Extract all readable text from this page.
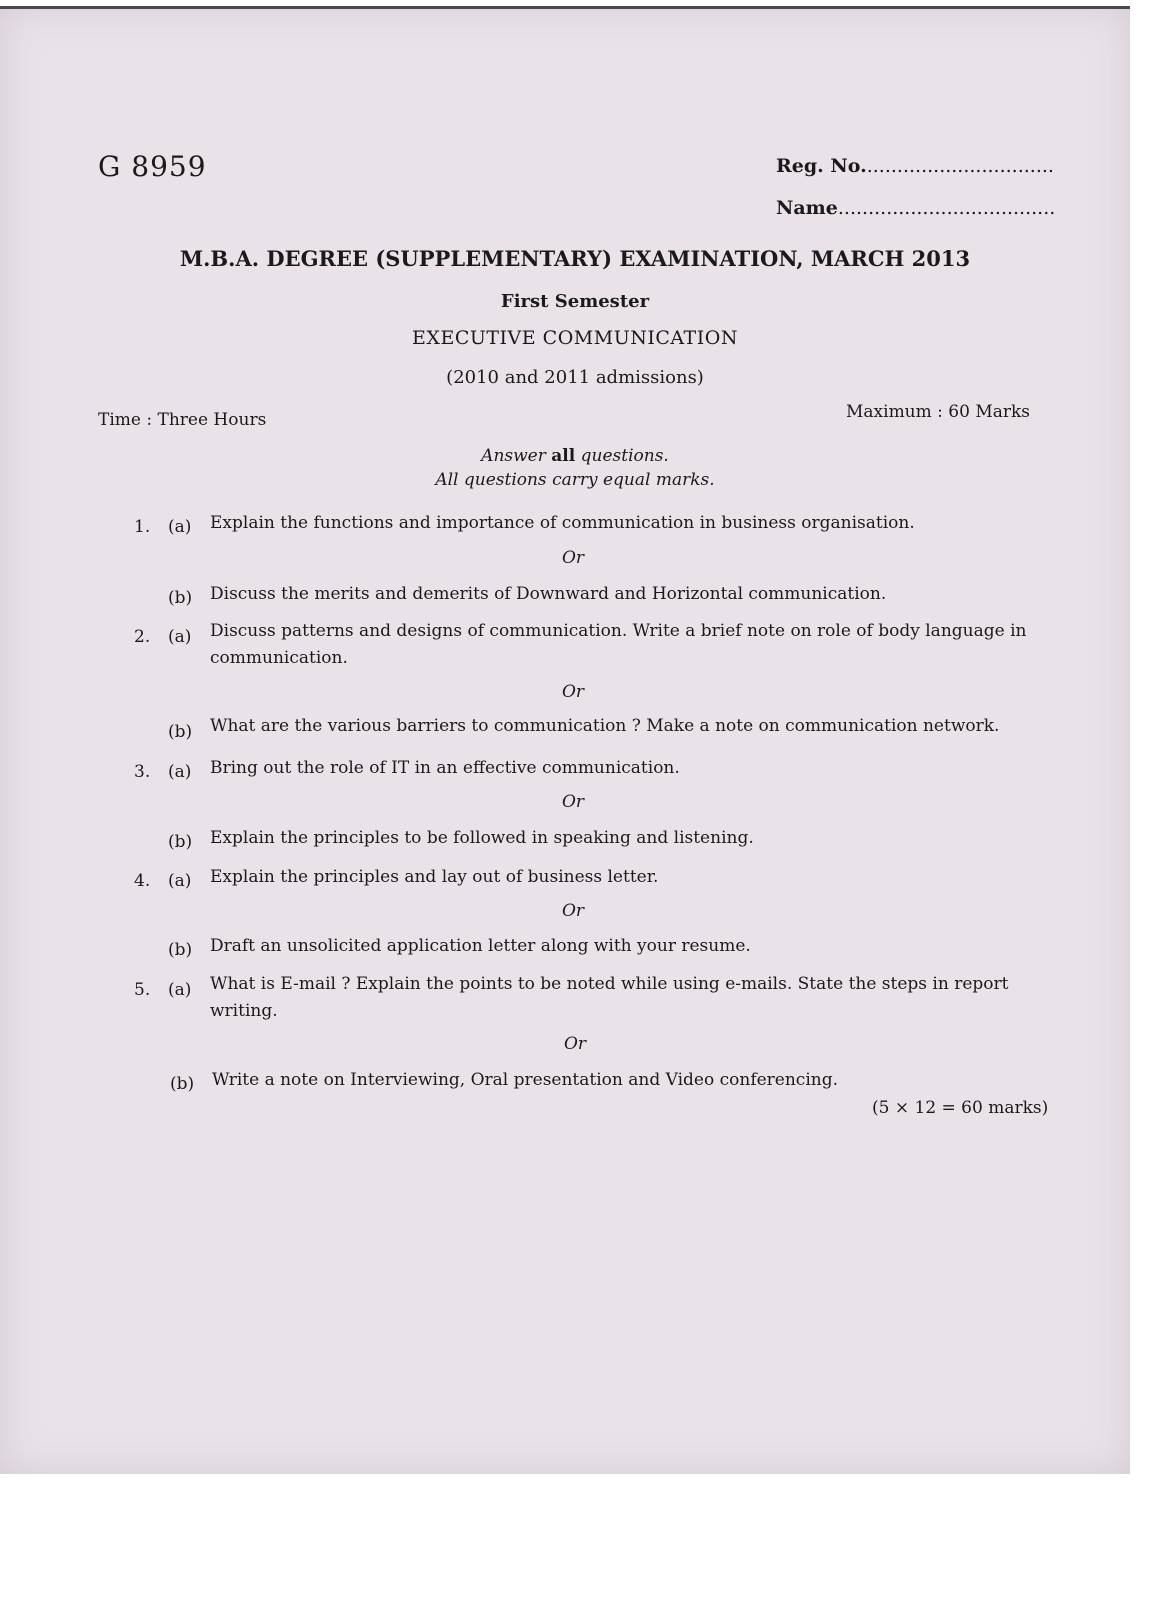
G 8959	Reg. No................................
Name....................................
M.B.A. DEGREE (SUPPLEMENTARY) EXAMINATION, MARCH 2013
First Semester
EXECUTIVE COMMUNICATION
(2010 and 2011 admissions)
Time : Three Hours	Maximum : 60 Marks
Answer all questions.
All questions carry equal marks.
1. (a) Explain the functions and importance of communication in business organisation.
Or
(b) Discuss the merits and demerits of Downward and Horizontal communication.
2. (a) Discuss patterns and designs of communication. Write a brief note on role of body language in
communication.
Or
(b) What are the various barriers to communication ? Make a note on communication network.
3. (a) Bring out the role of IT in an effective communication.
Or
(b) Explain the principles to be followed in speaking and listening.
4. (a) Explain the principles and lay out of business letter.
Or
(b) Draft an unsolicited application letter along with your resume.
5. (a) What is E-mail ? Explain the points to be noted while using e-mails. State the steps in report
writing.
Or
(b) Write a note on Interviewing, Oral presentation and Video conferencing.
(5 × 12 = 60 marks)
